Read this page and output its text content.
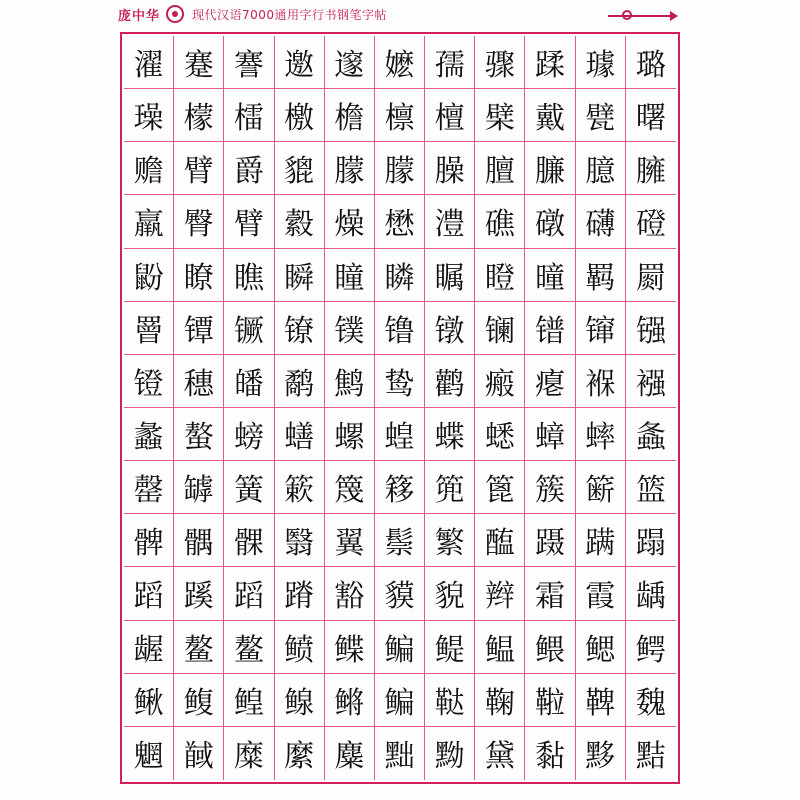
庞中华	现代汉语7000通用字行书钢笔字帖
濯 蹇 謇 邀 邃 嬷 孺 骤 蹂 璩 璐
璪 檬 檑 檄 檐 檩 檀 檗 戴 甓 曙
赡 臂 爵 貔 朦 朦 臊 膻 臁 臆 臃
羸 臀 臂 縠 燥 懋 澧 礁 礅 礴 磴
鼢 瞭 瞧 瞬 瞳 瞵 瞩 瞪 曈 羁 罽
罾 镡 镢 镣 镤 镥 镦 镧 镨 镩 镪
镫 穗 皤 鹬 鹪 鸷 鹳 瘢 瘪 褓 襁
蠡 螯 螃 蟮 螺 蝗 蝶 蟋 蟑 蟀 螽
罄 罅 簧 簌 篾 簃 篼 篦 簇 簖 篮
髀 髃 髁 翳 翼 鬃 繁 醢 蹑 蹒 蹋
蹈 蹊 蹈 蹐 豁 貘 貌 辫 霜 霞 龋
龌 鳌 鳌 鲼 鲽 鳊 鳀 鳁 鳂 鳃 鳄
鳅 鳆 鳇 鳈 鳉 鳊 鞑 鞠 鞡 鞞 魏
魍 馘 糜 縻 麋 黜 黝 黛 黏 黟 黠
